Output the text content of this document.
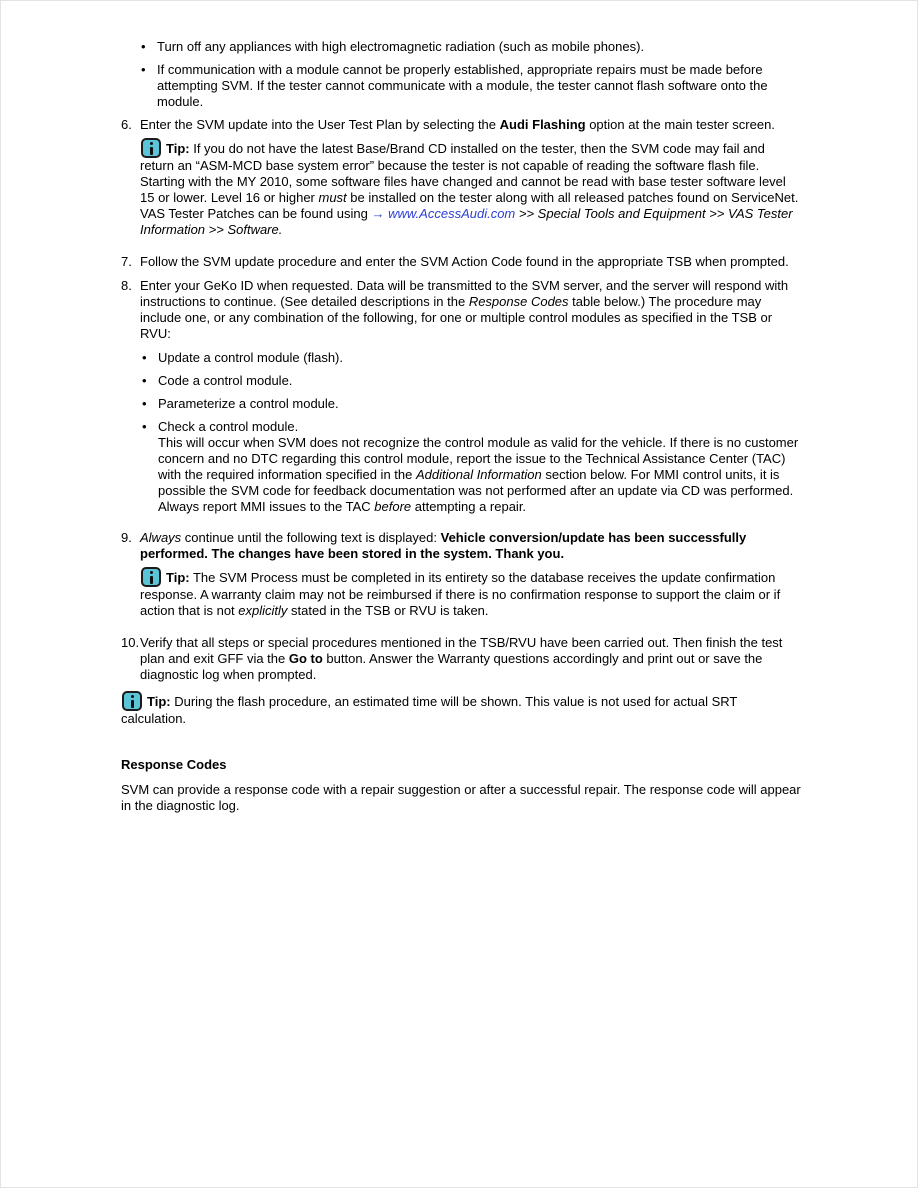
• Turn off any appliances with high electromagnetic radiation (such as mobile phones).
• If communication with a module cannot be properly established, appropriate repairs must be made before attempting SVM. If the tester cannot communicate with a module, the tester cannot flash software onto the module.
6. Enter the SVM update into the User Test Plan by selecting the Audi Flashing option at the main tester screen.

Tip: If you do not have the latest Base/Brand CD installed on the tester, then the SVM code may fail and return an “ASM-MCD base system error” because the tester is not capable of reading the software flash file. Starting with the MY 2010, some software files have changed and cannot be read with base tester software level 15 or lower. Level 16 or higher must be installed on the tester along with all released patches found on ServiceNet.
VAS Tester Patches can be found using → www.AccessAudi.com >> Special Tools and Equipment >> VAS Tester Information >> Software.
7. Follow the SVM update procedure and enter the SVM Action Code found in the appropriate TSB when prompted.

8. Enter your GeKo ID when requested. Data will be transmitted to the SVM server, and the server will respond with instructions to continue. (See detailed descriptions in the Response Codes table below.) The procedure may include one, or any combination of the following, for one or multiple control modules as specified in the TSB or RVU:

• Update a control module (flash).
• Code a control module.
• Parameterize a control module.
• Check a control module.
This will occur when SVM does not recognize the control module as valid for the vehicle. If there is no customer concern and no DTC regarding this control module, report the issue to the Technical Assistance Center (TAC) with the required information specified in the Additional Information section below. For MMI control units, it is possible the SVM code for feedback documentation was not performed after an update via CD was performed. Always report MMI issues to the TAC before attempting a repair.
9. Always continue until the following text is displayed: Vehicle conversion/update has been successfully performed. The changes have been stored in the system. Thank you.

Tip: The SVM Process must be completed in its entirety so the database receives the update confirmation response. A warranty claim may not be reimbursed if there is no confirmation response to support the claim or if action that is not explicitly stated in the TSB or RVU is taken.
10. Verify that all steps or special procedures mentioned in the TSB/RVU have been carried out. Then finish the test plan and exit GFF via the Go to button. Answer the Warranty questions accordingly and print out or save the diagnostic log when prompted.

Tip: During the flash procedure, an estimated time will be shown. This value is not used for actual SRT calculation.
Response Codes

SVM can provide a response code with a repair suggestion or after a successful repair. The response code will appear in the diagnostic log.
